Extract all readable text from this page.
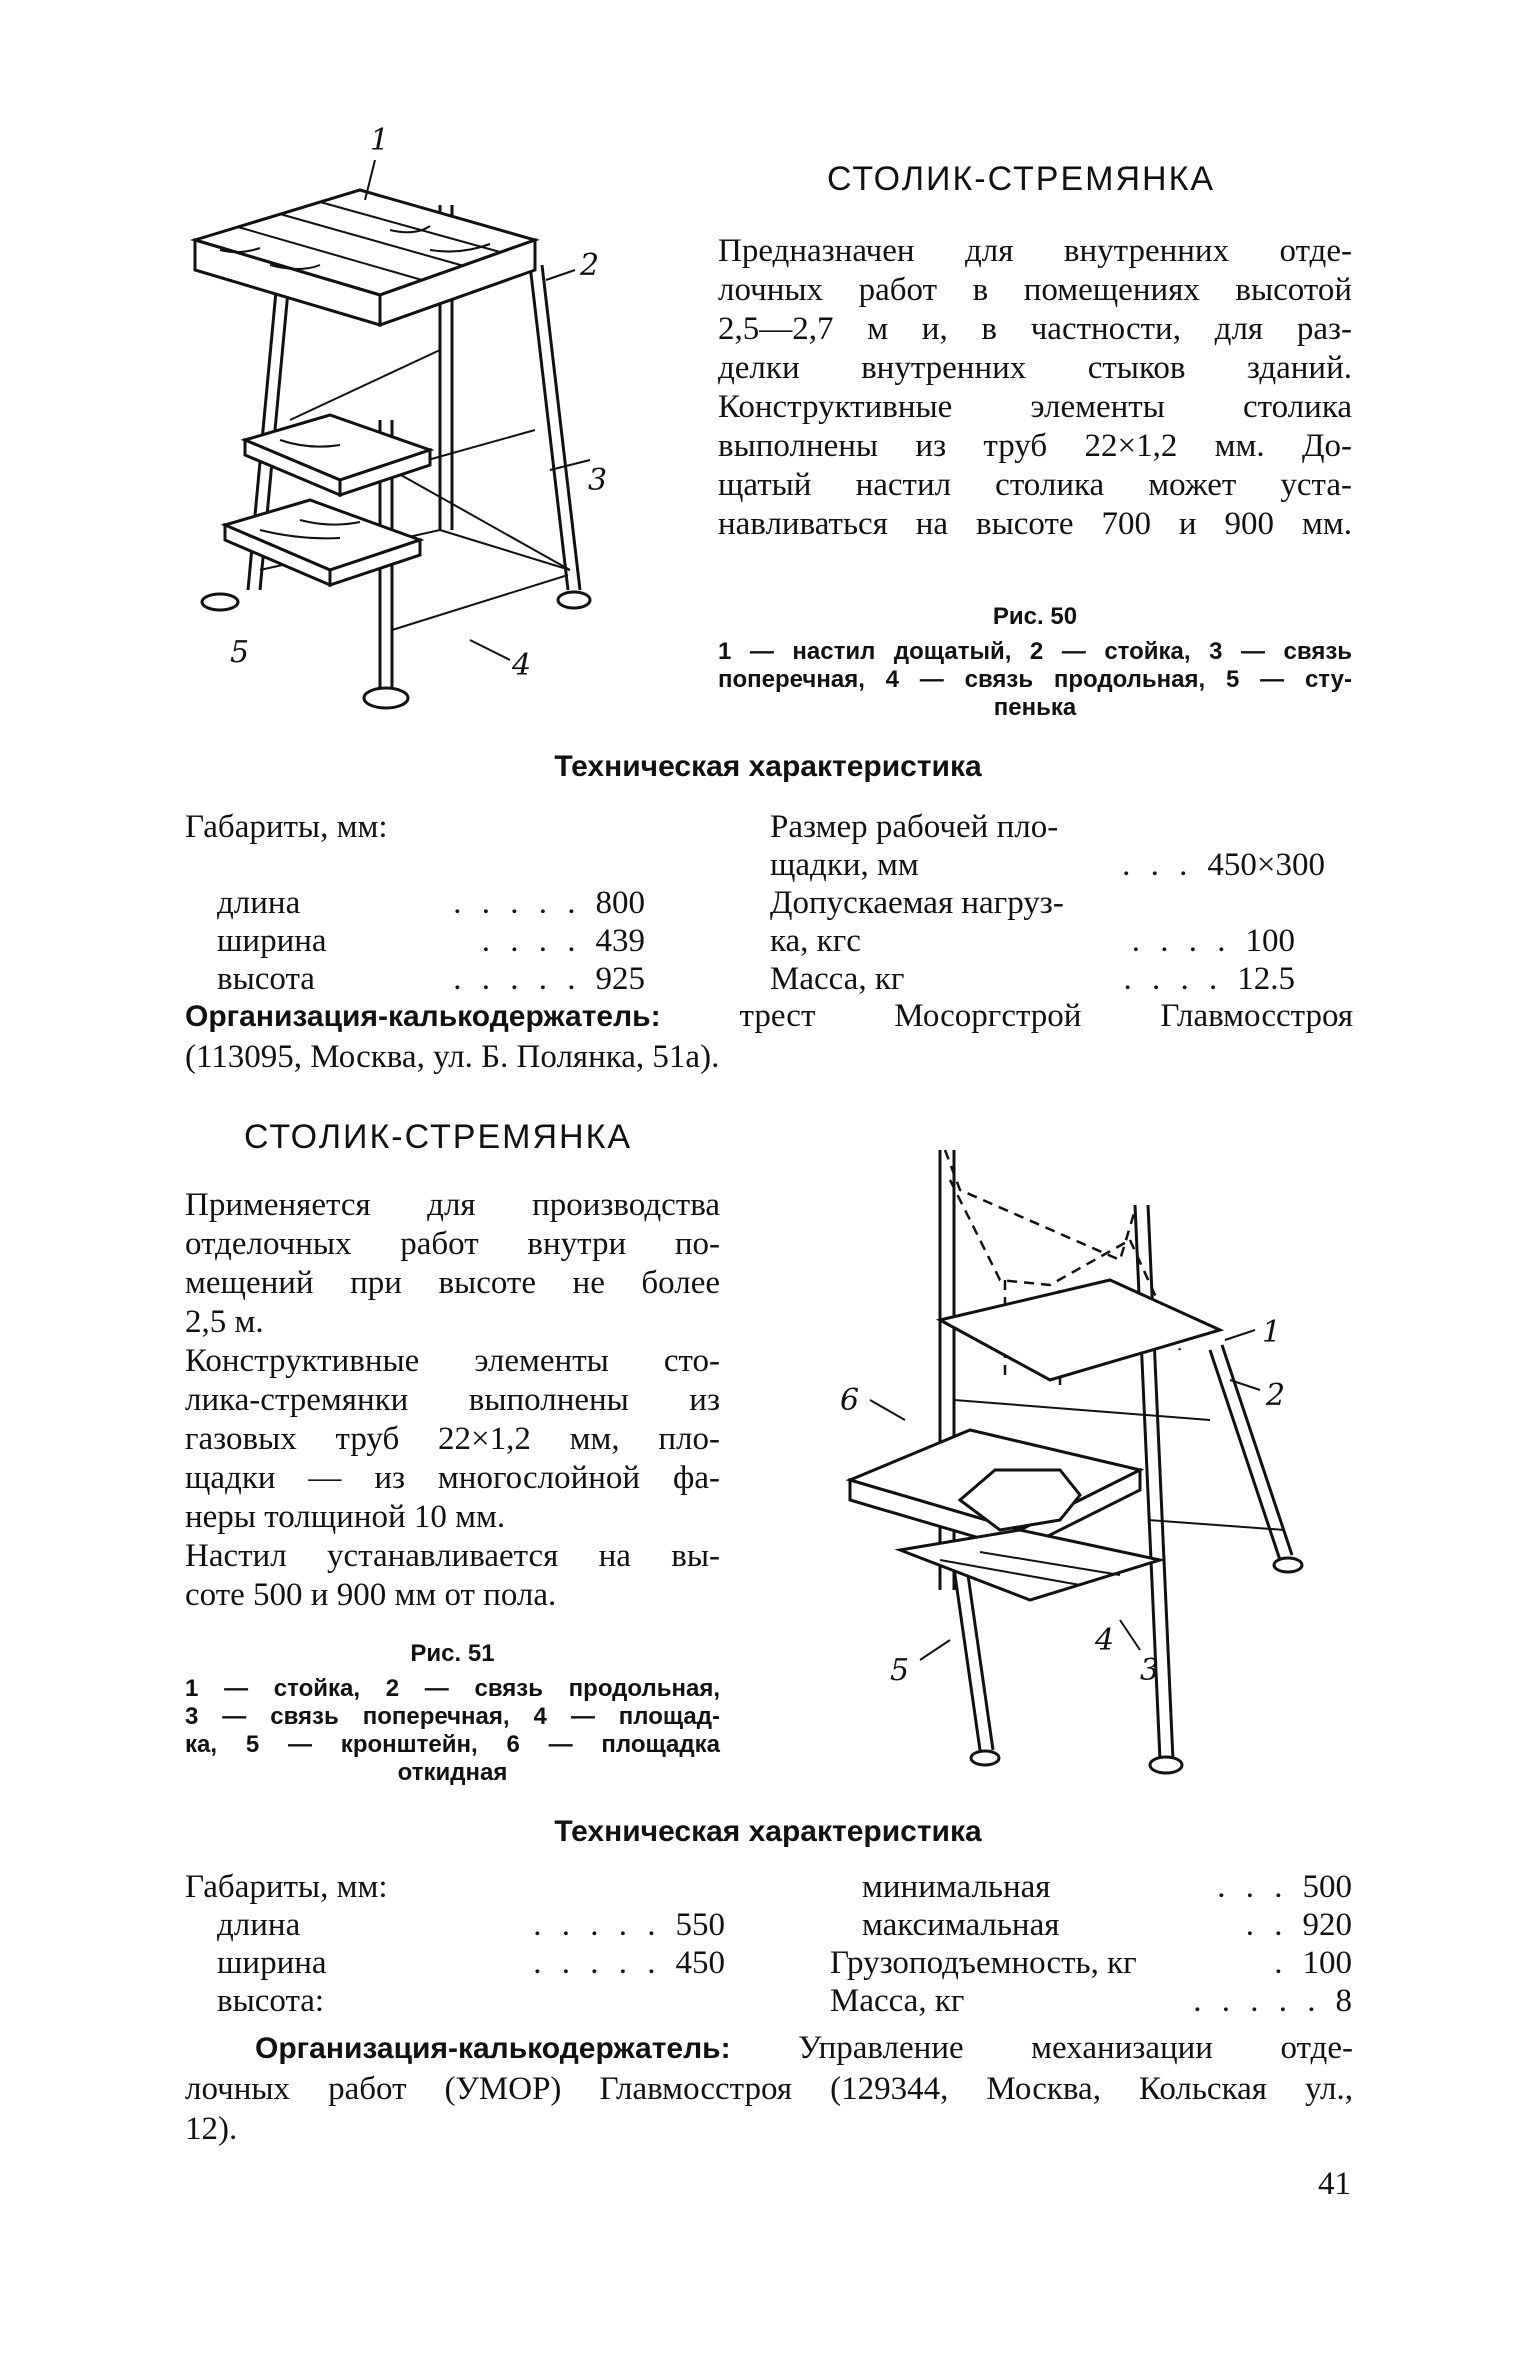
1
2
3
4
5
СТОЛИК-СТРЕМЯНКА
Предназначен для внутренних отде-
лочных работ в помещениях высотой
2,5—2,7 м и, в частности, для раз-
делки внутренних стыков зданий.
Конструктивные элементы столика
выполнены из труб 22×1,2 мм. До-
щатый настил столика может уста-
навливаться на высоте 700 и 900 мм.
Рис. 50
1 — настил дощатый, 2 — стойка, 3 — связь
поперечная, 4 — связь продольная, 5 — сту-
пенька
Техническая характеристика
Габариты, мм:
длина	. . . . . 800
ширина	. . . . 439
высота	. . . . . 925
Размер рабочей пло-
щадки, мм	. . . 450×300
Допускаемая нагруз-
ка, кгс	. . . . 100
Масса, кг	. . . . 12.5
Организация-калькодержатель: трест Мосоргстрой Главмосстроя
(113095, Москва, ул. Б. Полянка, 51а).
СТОЛИК-СТРЕМЯНКА
Применяется для производства
отделочных работ внутри по-
мещений при высоте не более
2,5 м.
Конструктивные элементы сто-
лика-стремянки выполнены из
газовых труб 22×1,2 мм, пло-
щадки — из многослойной фа-
неры толщиной 10 мм.
Настил устанавливается на вы-
соте 500 и 900 мм от пола.
Рис. 51
1 — стойка, 2 — связь продольная,
3 — связь поперечная, 4 — площад-
ка, 5 — кронштейн, 6 — площадка
откидная
1
2
3
4
5
6
Техническая характеристика
Габариты, мм:
длина	. . . . . 550
ширина	. . . . . 450
высота:
минимальная	. . . 500
максимальная	. . 920
Грузоподъемность, кг	. 100
Масса, кг	. . . . . 8
Организация-калькодержатель: Управление механизации отде-
лочных работ (УМОР) Главмосстроя (129344, Москва, Кольская ул.,
12).
41
